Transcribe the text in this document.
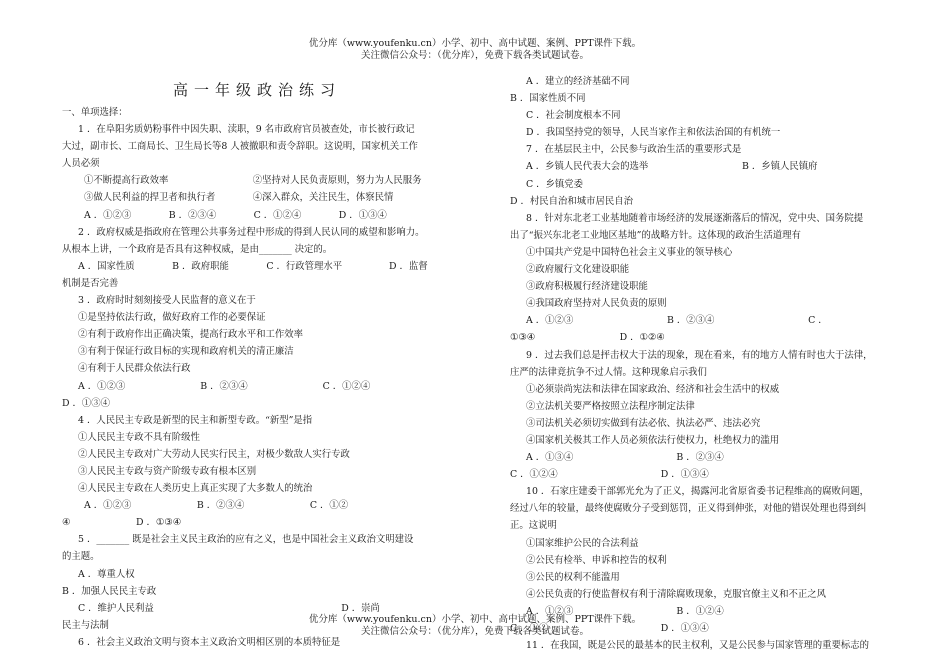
优分库（www.youfenku.cn）小学、初中、高中试题、案例、PPT课件下载。
关注微信公众号：（优分库），免费下载各类试题试卷。
高一年级政治练习
一、单项选择：
1 ．在阜阳劣质奶粉事件中因失职、渎职，9 名市政府官员被查处，市长被行政记
大过，副市长、工商局长、卫生局长等8 人被撤职和责令辞职。这说明，国家机关工作
人员必须
①不断提高行政效率　　　　　　　　　②坚持对人民负责原则，努力为人民服务
③做人民利益的捍卫者和执行者　　　　④深入群众，关注民生，体察民情
A ．①②③　　　　B ．②③④　　　　C ．①②④　　　　D ．①③④
2 ．政府权威是指政府在管理公共事务过程中形成的得到人民认同的威望和影响力。
从根本上讲，一个政府是否具有这种权威，是由_______ 决定的。
A ．国家性质　　　　B ．政府职能　　　　C ．行政管理水平　　　　　D ．监督
机制是否完善
3 ．政府时时刻刻接受人民监督的意义在于
①是坚持依法行政，做好政府工作的必要保证
②有利于政府作出正确决策，提高行政水平和工作效率
③有利于保证行政目标的实现和政府机关的清正廉洁
④有利于人民群众依法行政
A ．①②③　　　　　　　　B ．②③④　　　　　　　　C ．①②④
D ．①③④
4 ．人民民主专政是新型的民主和新型专政。“新型”是指
①人民民主专政不具有阶级性
②人民民主专政对广大劳动人民实行民主，对极少数敌人实行专政
③人民民主专政与资产阶级专政有根本区别
④人民民主专政在人类历史上真正实现了大多数人的统治
A ．①②③　　　　　　　B ．②③④　　　　　　　C ．①②
④　　　　　　　D ．①③④
5 ．_______ 既是社会主义民主政治的应有之义，也是中国社会主义政治文明建设
的主题。
A ．尊重人权
B ．加强人民民主专政
C ．维护人民利益　　　　　　　　　　　　　　　　　　　　D ．崇尚
民主与法制
6 ．社会主义政治文明与资本主义政治文明相区别的本质特征是
A ．建立的经济基础不同
B ．国家性质不同
C ．社会制度根本不同
D ．我国坚持党的领导，人民当家作主和依法治国的有机统一
7 ．在基层民主中，公民参与政治生活的重要形式是
A ．乡镇人民代表大会的选举　　　　　　　　　　B ．乡镇人民镇府
C ．乡镇党委
D ．村民自治和城市居民自治
8 ．针对东北老工业基地随着市场经济的发展逐渐落后的情况，党中央、国务院提
出了“振兴东北老工业地区基地”的战略方针。这体现的政治生活道理有
①中国共产党是中国特色社会主义事业的领导核心
②政府履行文化建设职能
③政府积极履行经济建设职能
④我国政府坚持对人民负责的原则
A ．①②③　　　　　　　　　　B ．②③④　　　　　　　　　　C ．
①③④　　　　　　　　　D ．①②④
9 ．过去我们总是抨击权大于法的现象，现在看来，有的地方人情有时也大于法律，
庄严的法律竟抗争不过人情。这种现象启示我们
①必须崇尚宪法和法律在国家政治、经济和社会生活中的权威
②立法机关要严格按照立法程序制定法律
③司法机关必须切实做到有法必依、执法必严、违法必究
④国家机关极其工作人员必须依法行使权力，杜绝权力的滥用
A ．①③④　　　　　　　　　　　B ．②③④
C ．①②④　　　　　　　　　　　D ．①③④
10 ．石家庄建委干部郭光允为了正义，揭露河北省原省委书记程维高的腐败问题，
经过八年的较量，最终使腐败分子受到惩罚，正义得到伸张，对他的错误处理也得到纠
正。这说明
①国家维护公民的合法利益
②公民有检举、申诉和控告的权利
③公民的权利不能滥用
④公民负责的行使监督权有利于清除腐败现象，克服官僚主义和不正之风
A ．①②③　　　　　　　　　　　B ．①②④
C ．①②　　　　　　　　　　　　D ．①③④
11 ．在我国，既是公民的最基本的民主权利，又是公民参与国家管理的重要标志的
优分库（www.youfenku.cn）小学、初中、高中试题、案例、PPT课件下载。
关注微信公众号：（优分库），免费下载各类试题试卷。
